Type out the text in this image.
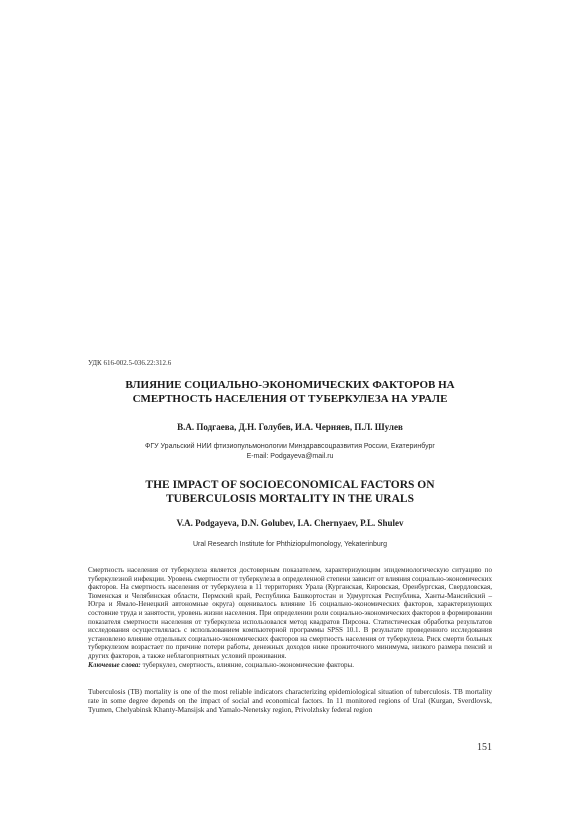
УДК 616-002.5-036.22:312.6
ВЛИЯНИЕ СОЦИАЛЬНО-ЭКОНОМИЧЕСКИХ ФАКТОРОВ НА СМЕРТНОСТЬ НАСЕЛЕНИЯ ОТ ТУБЕРКУЛЕЗА НА УРАЛЕ
В.А. Подгаева, Д.Н. Голубев, И.А. Черняев, П.Л. Шулев
ФГУ Уральский НИИ фтизиопульмонологии Минздравсоцразвития России, Екатеринбург
E-mail: Podgayeva@mail.ru
THE IMPACT OF SOCIOECONOMICAL FACTORS ON TUBERCULOSIS MORTALITY IN THE URALS
V.A. Podgayeva, D.N. Golubev, I.A. Chernyaev, P.L. Shulev
Ural Research Institute for Phthiziopulmonology, Yekaterinburg

Смертность населения от туберкулеза является достоверным показателем, характеризующим эпидемиологическую ситуацию по туберкулезной инфекции. Уровень смертности от туберкулеза в определенной степени зависит от влияния социально-экономических факторов. На смертность населения от туберкулеза в 11 территориях Урала (Курганская, Кировская, Оренбургская, Свердловская, Тюменская и Челябинская области, Пермский край, Республика Башкортостан и Удмуртская Республика, Ханты-Мансийский – Югра и Ямало-Ненецкий автономные округа) оценивалось влияние 16 социально-экономических факторов, характеризующих состояние труда и занятости, уровень жизни населения. При определении роли социально-экономических факторов в формировании показателя смертности населения от туберкулеза использовался метод квадратов Пирсона. Статистическая обработка результатов исследования осуществлялась с использованием компьютерной программы SPSS 10.1. В результате проведенного исследования установлено влияние отдельных социально-экономических факторов на смертность населения от туберкулеза. Риск смерти больных туберкулезом возрастает по причине потери работы, денежных доходов ниже прожиточного минимума, низкого размера пенсий и других факторов, а также неблагоприятных условий проживания.

Ключевые слова: туберкулез, смертность, влияние, социально-экономические факторы.

Tuberculosis (TB) mortality is one of the most reliable indicators characterizing epidemiological situation of tuberculosis. TB mortality rate in some degree depends on the impact of social and economical factors. In 11 monitored regions of Ural (Kurgan, Sverdlovsk, Tyumen, Chelyabinsk Khanty-Mansijsk and Yamalo-Nenetsky region, Privolzhsky federal region
151
